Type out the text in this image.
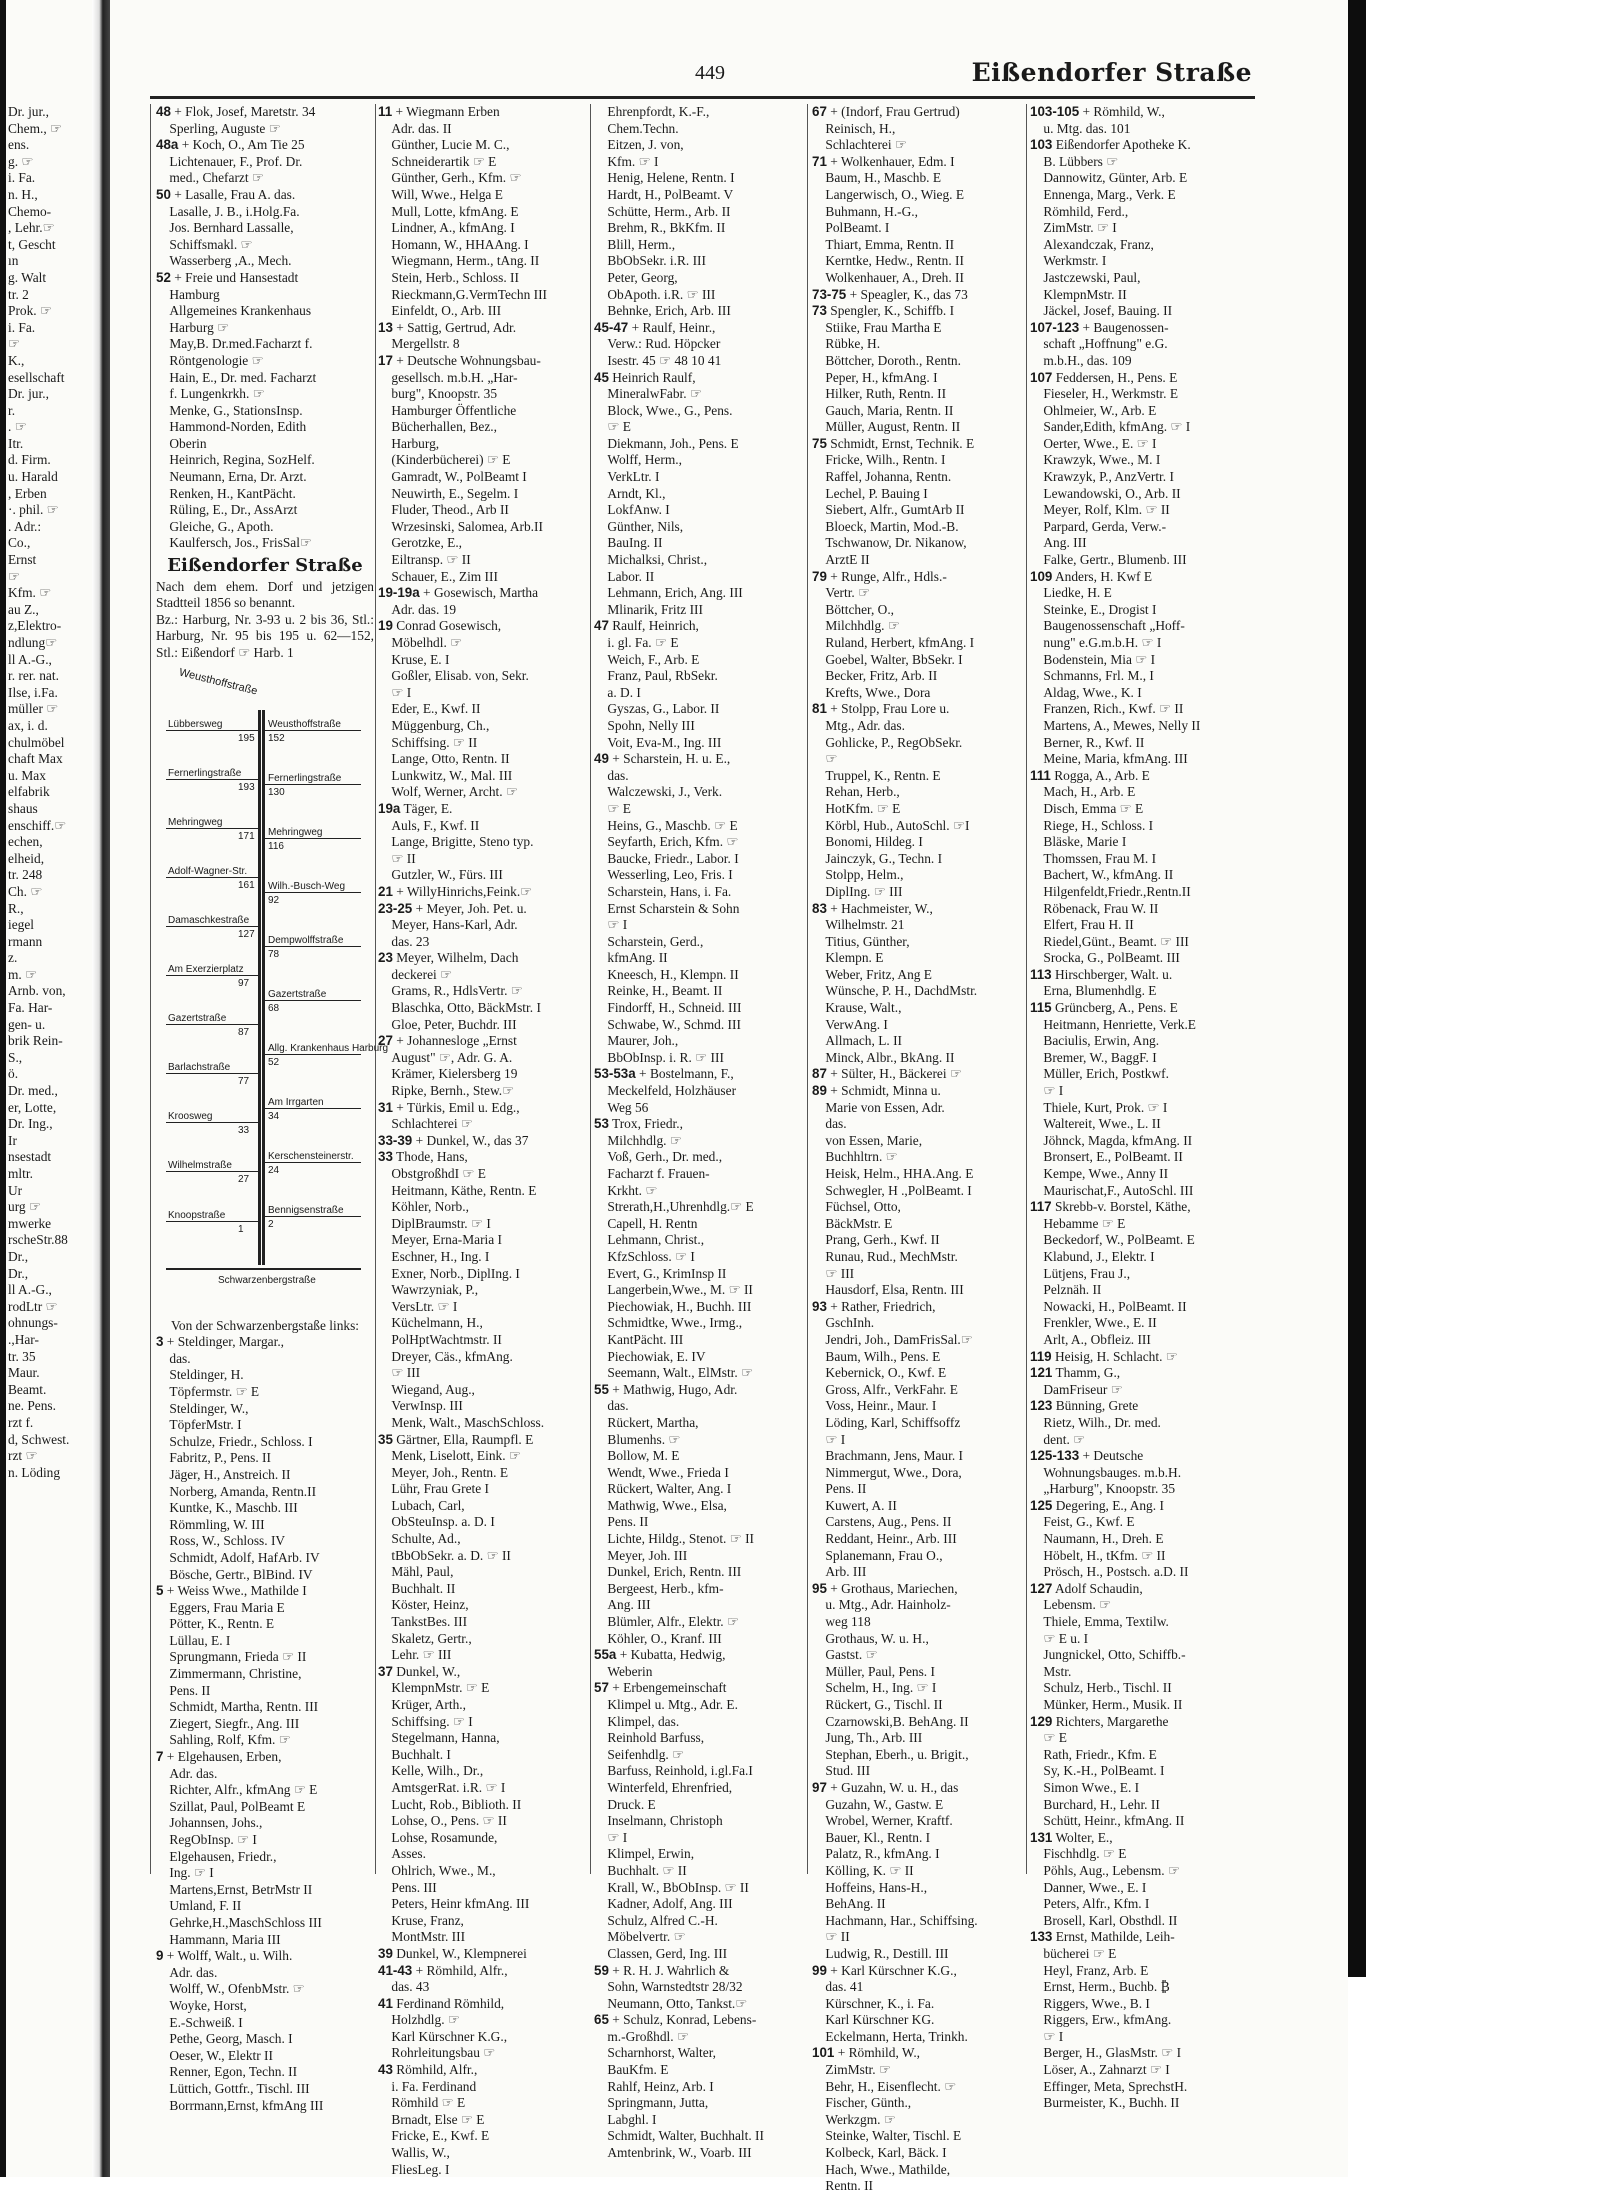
449	Eißendorfer Straße

Dr. jur.,

Chem., ☞

ens.

g. ☞

i. Fa.

n. H.,

Chemo-

, Lehr.☞

t, Gescht

ın

g. Walt

tr. 2

Prok. ☞

i. Fa.

☞

K.,

esellschaft

Dr. jur.,

r.

. ☞

Itr.

d. Firm.

u. Harald

, Erben

·. phil. ☞

. Adr.:

Co.,

Ernst

☞

Kfm. ☞

au Z.,

z,Elektro-

ndlung☞

ll A.-G.,

r. rer. nat.

Ilse, i.Fa.

müller ☞

ax, i. d.

chulmöbel

chaft Max

u. Max

elfabrik

shaus

enschiff.☞

echen,

elheid,

tr. 248

Ch. ☞

R.,

iegel

rmann

z.

m. ☞

Arnb. von,

Fa. Har-

gen- u.

brik Rein-

S.,

ö.

Dr. med.,

er, Lotte,

Dr. Ing.,

Ir

nsestadt

mltr.

Ur

urg ☞

mwerke

rscheStr.88

Dr.,

Dr.,

ll A.-G.,

rodLtr ☞

ohnungs-

.,Har-

tr. 35

Maur.

Beamt.

ne. Pens.

rzt f.

d, Schwest.

rzt ☞

n. Löding

48 + Flok, Josef, Maretstr. 34

Sperling, Auguste ☞

48a + Koch, O., Am Tie 25

Lichtenauer, F., Prof. Dr.

med., Chefarzt ☞

50 + Lasalle, Frau A. das.

Lasalle, J. B., i.Holg.Fa.

Jos. Bernhard Lassalle,

Schiffsmakl. ☞

Wasserberg ,A., Mech.

52 + Freie und Hansestadt

Hamburg

Allgemeines Krankenhaus

Harburg ☞

May,B. Dr.med.Facharzt f.

Röntgenologie ☞

Hain, E., Dr. med. Facharzt

f. Lungenkrkh. ☞

Menke, G., StationsInsp.

Hammond-Norden, Edith

Oberin

Heinrich, Regina, SozHelf.

Neumann, Erna, Dr. Arzt.

Renken, H., KantPächt.

Rüling, E., Dr., AssArzt

Gleiche, G., Apoth.

Kaulfersch, Jos., FrisSal☞

Eißendorfer Straße

Nach dem ehem. Dorf und jetzigen Stadtteil 1856 so benannt.

Bz.: Harburg, Nr. 3-93 u. 2 bis 36, Stl.: Harburg, Nr. 95 bis 195 u. 62—152, Stl.: Eißendorf ☞ Harb. 1

Weusthoffstraße
Lübbersweg
195
Fernerlingstraße
193
Mehringweg
171
Adolf-Wagner-Str.
161
Damaschkestraße
127
Am Exerzierplatz
97
Gazertstraße
87
Barlachstraße
77
Kroosweg
33
Wilhelmstraße
27
Knoopstraße
1
Weusthoffstraße
152
Fernerlingstraße
130
Mehringweg
116
Wilh.-Busch-Weg
92
Dempwolffstraße
78
Gazertstraße
68
Allg. Krankenhaus Harburg
52
Am Irrgarten
34
Kerschensteinerstr.
24
Bennigsenstraße
2
Schwarzenbergstraße

Von der Schwarzenbergstaße links:

3 + Steldinger, Margar.,

das.

Steldinger, H.

Töpfermstr. ☞ E

Steldinger, W.,

TöpferMstr. I

Schulze, Friedr., Schloss. I

Fabritz, P., Pens. II

Jäger, H., Anstreich. II

Norberg, Amanda, Rentn.II

Kuntke, K., Maschb. III

Römmling, W. III

Ross, W., Schloss. IV

Schmidt, Adolf, HafArb. IV

Bösche, Gertr., BlBind. IV

5 + Weiss Wwe., Mathilde I

Eggers, Frau Maria E

Pötter, K., Rentn. E

Lüllau, E. I

Sprungmann, Frieda ☞ II

Zimmermann, Christine,

Pens. II

Schmidt, Martha, Rentn. III

Ziegert, Siegfr., Ang. III

Sahling, Rolf, Kfm. ☞

7 + Elgehausen, Erben,

Adr. das.

Richter, Alfr., kfmAng ☞ E

Szillat, Paul, PolBeamt E

Johannsen, Johs.,

RegObInsp. ☞ I

Elgehausen, Friedr.,

Ing. ☞ I

Martens,Ernst, BetrMstr II

Umland, F. II

Gehrke,H.,MaschSchloss III

Hammann, Maria III

9 + Wolff, Walt., u. Wilh.

Adr. das.

Wolff, W., OfenbMstr. ☞

Woyke, Horst,

E.-Schweiß. I

Pethe, Georg, Masch. I

Oeser, W., Elektr II

Renner, Egon, Techn. II

Lüttich, Gottfr., Tischl. III

Borrmann,Ernst, kfmAng III

11 + Wiegmann Erben

Adr. das. II

Günther, Lucie M. C.,

Schneiderartik ☞ E

Günther, Gerh., Kfm. ☞

Will, Wwe., Helga E

Mull, Lotte, kfmAng. E

Lindner, A., kfmAng. I

Homann, W., HHAAng. I

Wiegmann, Herm., tAng. II

Stein, Herb., Schloss. II

Rieckmann,G.VermTechn III

Einfeldt, O., Arb. III

13 + Sattig, Gertrud, Adr.

Mergellstr. 8

17 + Deutsche Wohnungsbau-

gesellsch. m.b.H. „Har-

burg", Knoopstr. 35

Hamburger Öffentliche

Bücherhallen, Bez.,

Harburg,

(Kinderbücherei) ☞ E

Gamradt, W., PolBeamt I

Neuwirth, E., Segelm. I

Fluder, Theod., Arb II

Wrzesinski, Salomea, Arb.II

Gerotzke, E.,

Eiltransp. ☞ II

Schauer, E., Zim III

19-19a + Gosewisch, Martha

Adr. das. 19

19 Conrad Gosewisch,

Möbelhdl. ☞

Kruse, E. I

Goßler, Elisab. von, Sekr.

☞ I

Eder, E., Kwf. II

Müggenburg, Ch.,

Schiffsing. ☞ II

Lange, Otto, Rentn. II

Lunkwitz, W., Mal. III

Wolf, Werner, Archt. ☞

19a Täger, E.

Auls, F., Kwf. II

Lange, Brigitte, Steno typ.

☞ II

Gutzler, W., Fürs. III

21 + WillyHinrichs,Feink.☞

23-25 + Meyer, Joh. Pet. u.

Meyer, Hans-Karl, Adr.

das. 23

23 Meyer, Wilhelm, Dach

deckerei ☞

Grams, R., HdlsVertr. ☞

Blaschka, Otto, BäckMstr. I

Gloe, Peter, Buchdr. III

27 + Johannesloge „Ernst

August" ☞, Adr. G. A.

Krämer, Kielersberg 19

Ripke, Bernh., Stew.☞

31 + Türkis, Emil u. Edg.,

Schlachterei ☞

33-39 + Dunkel, W., das 37

33 Thode, Hans,

ObstgroßhdI ☞ E

Heitmann, Käthe, Rentn. E

Köhler, Norb.,

DiplBraumstr. ☞ I

Meyer, Erna-Maria I

Eschner, H., Ing. I

Exner, Norb., DiplIng. I

Wawrzyniak, P.,

VersLtr. ☞ I

Küchelmann, H.,

PolHptWachtmstr. II

Dreyer, Cäs., kfmAng.

☞ III

Wiegand, Aug.,

VerwInsp. III

Menk, Walt., MaschSchloss.

35 Gärtner, Ella, Raumpfl. E

Menk, Liselott, Eink. ☞

Meyer, Joh., Rentn. E

Lühr, Frau Grete I

Lubach, Carl,

ObSteuInsp. a. D. I

Schulte, Ad.,

tBbObSekr. a. D. ☞ II

Mähl, Paul,

Buchhalt. II

Köster, Heinz,

TankstBes. III

Skaletz, Gertr.,

Lehr. ☞ III

37 Dunkel, W.,

KlempnMstr. ☞ E

Krüger, Arth.,

Schiffsing. ☞ I

Stegelmann, Hanna,

Buchhalt. I

Kelle, Wilh., Dr.,

AmtsgerRat. i.R. ☞ I

Lucht, Rob., Biblioth. II

Lohse, O., Pens. ☞ II

Lohse, Rosamunde,

Asses.

Ohlrich, Wwe., M.,

Pens. III

Peters, Heinr kfmAng. III

Kruse, Franz,

MontMstr. III

39 Dunkel, W., Klempnerei

41-43 + Römhild, Alfr.,

das. 43

41 Ferdinand Römhild,

Holzhdlg. ☞

Karl Kürschner K.G.,

Rohrleitungsbau ☞

43 Römhild, Alfr.,

i. Fa. Ferdinand

Römhild ☞ E

Brnadt, Else ☞ E

Fricke, E., Kwf. E

Wallis, W.,

FliesLeg. I

Ehrenpfordt, K.-F.,

Chem.Techn.

Eitzen, J. von,

Kfm. ☞ I

Henig, Helene, Rentn. I

Hardt, H., PolBeamt. V

Schütte, Herm., Arb. II

Brehm, R., BkKfm. II

Blill, Herm.,

BbObSekr. i.R. III

Peter, Georg,

ObApoth. i.R. ☞ III

Behnke, Erich, Arb. III

45-47 + Raulf, Heinr.,

Verw.: Rud. Höpcker

Isestr. 45 ☞ 48 10 41

45 Heinrich Raulf,

MineralwFabr. ☞

Block, Wwe., G., Pens.

☞ E

Diekmann, Joh., Pens. E

Wolff, Herm.,

VerkLtr. I

Arndt, Kl.,

LokfAnw. I

Günther, Nils,

BauIng. II

Michalksi, Christ.,

Labor. II

Lehmann, Erich, Ang. III

Mlinarik, Fritz III

47 Raulf, Heinrich,

i. gl. Fa. ☞ E

Weich, F., Arb. E

Franz, Paul, RbSekr.

a. D. I

Gyszas, G., Labor. II

Spohn, Nelly III

Voit, Eva-M., Ing. III

49 + Scharstein, H. u. E.,

das.

Walczewski, J., Verk.

☞ E

Heins, G., Maschb. ☞ E

Seyfarth, Erich, Kfm. ☞

Baucke, Friedr., Labor. I

Wesserling, Leo, Fris. I

Scharstein, Hans, i. Fa.

Ernst Scharstein & Sohn

☞ I

Scharstein, Gerd.,

kfmAng. II

Kneesch, H., Klempn. II

Reinke, H., Beamt. II

Findorff, H., Schneid. III

Schwabe, W., Schmd. III

Maurer, Joh.,

BbObInsp. i. R. ☞ III

53-53a + Bostelmann, F.,

Meckelfeld, Holzhäuser

Weg 56

53 Trox, Friedr.,

Milchhdlg. ☞

Voß, Gerh., Dr. med.,

Facharzt f. Frauen-

Krkht. ☞

Strerath,H.,Uhrenhdlg.☞ E

Capell, H. Rentn

Lehmann, Christ.,

KfzSchloss. ☞ I

Evert, G., KrimInsp II

Langerbein,Wwe., M. ☞ II

Piechowiak, H., Buchh. III

Schmidtke, Wwe., Irmg.,

KantPächt. III

Piechowiak, E. IV

Seemann, Walt., ElMstr. ☞

55 + Mathwig, Hugo, Adr.

das.

Rückert, Martha,

Blumenhs. ☞

Bollow, M. E

Wendt, Wwe., Frieda I

Rückert, Walter, Ang. I

Mathwig, Wwe., Elsa,

Pens. II

Lichte, Hildg., Stenot. ☞ II

Meyer, Joh. III

Dunkel, Erich, Rentn. III

Bergeest, Herb., kfm-

Ang. III

Blümler, Alfr., Elektr. ☞

Köhler, O., Kranf. III

55a + Kubatta, Hedwig,

Weberin

57 + Erbengemeinschaft

Klimpel u. Mtg., Adr. E.

Klimpel, das.

Reinhold Barfuss,

Seifenhdlg. ☞

Barfuss, Reinhold, i.gl.Fa.I

Winterfeld, Ehrenfried,

Druck. E

Inselmann, Christoph

☞ I

Klimpel, Erwin,

Buchhalt. ☞ II

Krall, W., BbObInsp. ☞ II

Kadner, Adolf, Ang. III

Schulz, Alfred C.-H.

Möbelvertr. ☞

Classen, Gerd, Ing. III

59 + R. H. J. Wahrlich &

Sohn, Warnstedtstr 28/32

Neumann, Otto, Tankst.☞

65 + Schulz, Konrad, Lebens-

m.-Großhdl. ☞

Scharnhorst, Walter,

BauKfm. E

Rahlf, Heinz, Arb. I

Springmann, Jutta,

Labghl. I

Schmidt, Walter, Buchhalt. II

Amtenbrink, W., Voarb. III

67 + (Indorf, Frau Gertrud)

Reinisch, H.,

Schlachterei ☞

71 + Wolkenhauer, Edm. I

Baum, H., Maschb. E

Langerwisch, O., Wieg. E

Buhmann, H.-G.,

PolBeamt. I

Thiart, Emma, Rentn. II

Kerntke, Hedw., Rentn. II

Wolkenhauer, A., Dreh. II

73-75 + Speagler, K., das 73

73 Spengler, K., Schiffb. I

Stiike, Frau Martha E

Rübke, H.

Böttcher, Doroth., Rentn.

Peper, H., kfmAng. I

Hilker, Ruth, Rentn. II

Gauch, Maria, Rentn. II

Müller, August, Rentn. II

75 Schmidt, Ernst, Technik. E

Fricke, Wilh., Rentn. I

Raffel, Johanna, Rentn.

Lechel, P. Bauing I

Siebert, Alfr., GumtArb II

Bloeck, Martin, Mod.-B.

Tschwanow, Dr. Nikanow,

ArztE II

79 + Runge, Alfr., Hdls.-

Vertr. ☞

Böttcher, O.,

Milchhdlg. ☞

Ruland, Herbert, kfmAng. I

Goebel, Walter, BbSekr. I

Becker, Fritz, Arb. II

Krefts, Wwe., Dora

81 + Stolpp, Frau Lore u.

Mtg., Adr. das.

Gohlicke, P., RegObSekr.

☞

Truppel, K., Rentn. E

Rehan, Herb.,

HotKfm. ☞ E

Körbl, Hub., AutoSchl. ☞I

Bonomi, Hildeg. I

Jainczyk, G., Techn. I

Stolpp, Helm.,

DiplIng. ☞ III

83 + Hachmeister, W.,

Wilhelmstr. 21

Titius, Günther,

Klempn. E

Weber, Fritz, Ang E

Wünsche, P. H., DachdMstr.

Krause, Walt.,

VerwAng. I

Allmach, L. II

Minck, Albr., BkAng. II

87 + Sülter, H., Bäckerei ☞

89 + Schmidt, Minna u.

Marie von Essen, Adr.

das.

von Essen, Marie,

Buchhltrn. ☞

Heisk, Helm., HHA.Ang. E

Schwegler, H .,PolBeamt. I

Füchsel, Otto,

BäckMstr. E

Prang, Gerh., Kwf. II

Runau, Rud., MechMstr.

☞ III

Hausdorf, Elsa, Rentn. III

93 + Rather, Friedrich,

GschInh.

Jendri, Joh., DamFrisSal.☞

Baum, Wilh., Pens. E

Kebernick, O., Kwf. E

Gross, Alfr., VerkFahr. E

Voss, Heinr., Maur. I

Löding, Karl, Schiffsoffz

☞ I

Brachmann, Jens, Maur. I

Nimmergut, Wwe., Dora,

Pens. II

Kuwert, A. II

Carstens, Aug., Pens. II

Reddant, Heinr., Arb. III

Splanemann, Frau O.,

Arb. III

95 + Grothaus, Mariechen,

u. Mtg., Adr. Hainholz-

weg 118

Grothaus, W. u. H.,

Gastst. ☞

Müller, Paul, Pens. I

Schelm, H., Ing. ☞ I

Rückert, G., Tischl. II

Czarnowski,B. BehAng. II

Jung, Th., Arb. III

Stephan, Eberh., u. Brigit.,

Stud. III

97 + Guzahn, W. u. H., das

Guzahn, W., Gastw. E

Wrobel, Werner, Kraftf.

Bauer, Kl., Rentn. I

Palatz, R., kfmAng. I

Kölling, K. ☞ II

Hoffeins, Hans-H.,

BehAng. II

Hachmann, Har., Schiffsing.

☞ II

Ludwig, R., Destill. III

99 + Karl Kürschner K.G.,

das. 41

Kürschner, K., i. Fa.

Karl Kürschner KG.

Eckelmann, Herta, Trinkh.

101 + Römhild, W.,

ZimMstr. ☞

Behr, H., Eisenflecht. ☞

Fischer, Günth.,

Werkzgm. ☞

Steinke, Walter, Tischl. E

Kolbeck, Karl, Bäck. I

Hach, Wwe., Mathilde,

Rentn. II

103-105 + Römhild, W.,

u. Mtg. das. 101

103 Eißendorfer Apotheke K.

B. Lübbers ☞

Dannowitz, Günter, Arb. E

Ennenga, Marg., Verk. E

Römhild, Ferd.,

ZimMstr. ☞ I

Alexandczak, Franz,

Werkmstr. I

Jastczewski, Paul,

KlempnMstr. II

Jäckel, Josef, Bauing. II

107-123 + Baugenossen-

schaft „Hoffnung" e.G.

m.b.H., das. 109

107 Feddersen, H., Pens. E

Fieseler, H., Werkmstr. E

Ohlmeier, W., Arb. E

Sander,Edith, kfmAng. ☞ I

Oerter, Wwe., E. ☞ I

Krawzyk, Wwe., M. I

Krawzyk, P., AnzVertr. I

Lewandowski, O., Arb. II

Meyer, Rolf, Klm. ☞ II

Parpard, Gerda, Verw.-

Ang. III

Falke, Gertr., Blumenb. III

109 Anders, H. Kwf E

Liedke, H. E

Steinke, E., Drogist I

Baugenossenschaft „Hoff-

nung" e.G.m.b.H. ☞ I

Bodenstein, Mia ☞ I

Schmanns, Frl. M., I

Aldag, Wwe., K. I

Franzen, Rich., Kwf. ☞ II

Martens, A., Mewes, Nelly II

Berner, R., Kwf. II

Meine, Maria, kfmAng. III

111 Rogga, A., Arb. E

Mach, H., Arb. E

Disch, Emma ☞ E

Riege, H., Schloss. I

Bläske, Marie I

Thomssen, Frau M. I

Bachert, W., kfmAng. II

Hilgenfeldt,Friedr.,Rentn.II

Röbenack, Frau W. II

Elfert, Frau H. II

Riedel,Günt., Beamt. ☞ III

Srocka, G., PolBeamt. III

113 Hirschberger, Walt. u.

Erna, Blumenhdlg. E

115 Grüncberg, A., Pens. E

Heitmann, Henriette, Verk.E

Baciulis, Erwin, Ang.

Bremer, W., BaggF. I

Müller, Erich, Postkwf.

☞ I

Thiele, Kurt, Prok. ☞ I

Waltereit, Wwe., L. II

Jöhnck, Magda, kfmAng. II

Bronsert, E., PolBeamt. II

Kempe, Wwe., Anny II

Maurischat,F., AutoSchl. III

117 Skrebb-v. Borstel, Käthe,

Hebamme ☞ E

Beckedorf, W., PolBeamt. E

Klabund, J., Elektr. I

Lütjens, Frau J.,

Pelznäh. II

Nowacki, H., PolBeamt. II

Frenkler, Wwe., E. II

Arlt, A., Obfleiz. III

119 Heisig, H. Schlacht. ☞

121 Thamm, G.,

DamFriseur ☞

123 Bünning, Grete

Rietz, Wilh., Dr. med.

dent. ☞

125-133 + Deutsche

Wohnungsbauges. m.b.H.

„Harburg", Knoopstr. 35

125 Degering, E., Ang. I

Feist, G., Kwf. E

Naumann, H., Dreh. E

Höbelt, H., tKfm. ☞ II

Prösch, H., Postsch. a.D. II

127 Adolf Schaudin,

Lebensm. ☞

Thiele, Emma, Textilw.

☞ E u. I

Jungnickel, Otto, Schiffb.-

Mstr.

Schulz, Herb., Tischl. II

Münker, Herm., Musik. II

129 Richters, Margarethe

☞ E

Rath, Friedr., Kfm. E

Sy, K.-H., PolBeamt. I

Simon Wwe., E. I

Burchard, H., Lehr. II

Schütt, Heinr., kfmAng. II

131 Wolter, E.,

Fischhdlg. ☞ E

Pöhls, Aug., Lebensm. ☞

Danner, Wwe., E. I

Peters, Alfr., Kfm. I

Brosell, Karl, Obsthdl. II

133 Ernst, Mathilde, Leih-

bücherei ☞ E

Heyl, Franz, Arb. E

Ernst, Herm., Buchb. ₿

Riggers, Wwe., B. I

Riggers, Erw., kfmAng.

☞ I

Berger, H., GlasMstr. ☞ I

Löser, A., Zahnarzt ☞ I

Effinger, Meta, SprechstH.

Burmeister, K., Buchh. II
